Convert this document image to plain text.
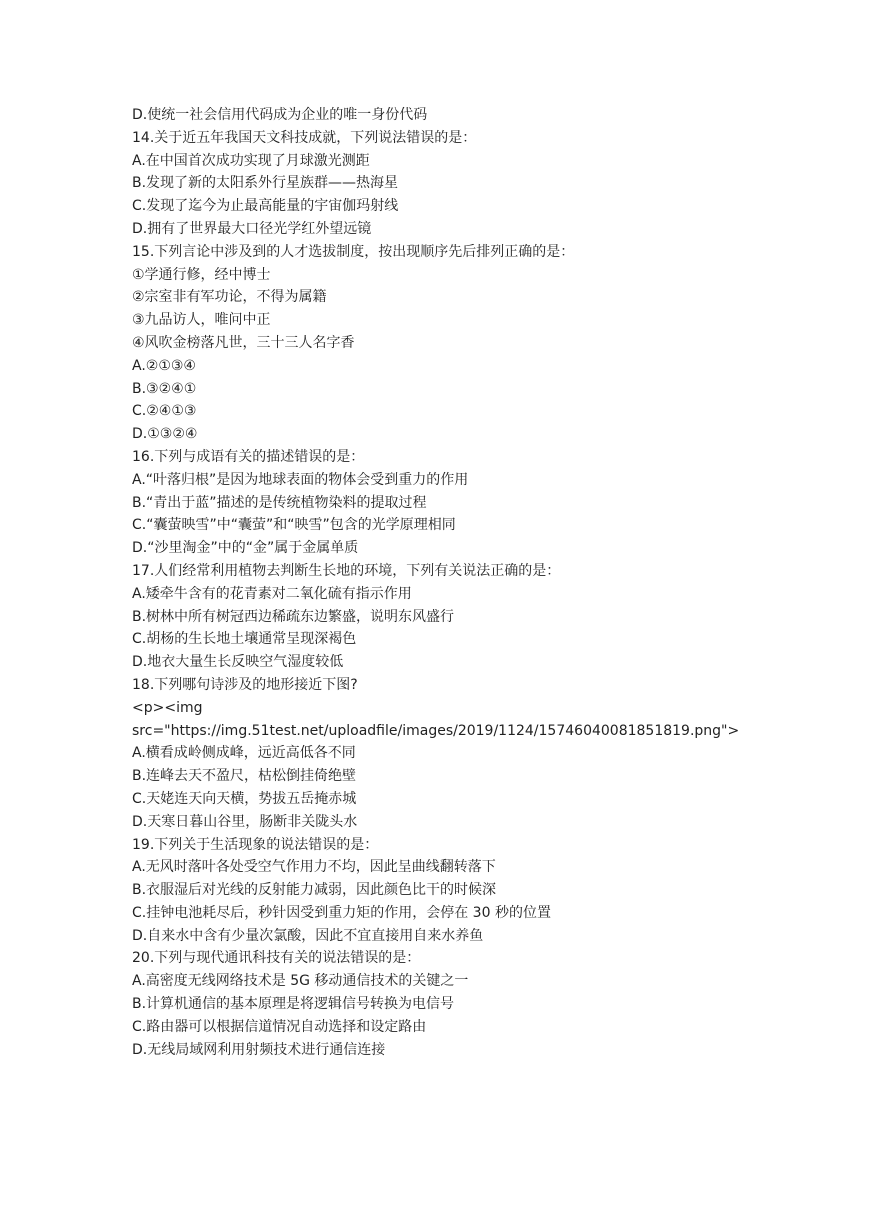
D.使统一社会信用代码成为企业的唯一身份代码

14.关于近五年我国天文科技成就，下列说法错误的是：

A.在中国首次成功实现了月球激光测距

B.发现了新的太阳系外行星族群——热海星

C.发现了迄今为止最高能量的宇宙伽玛射线

D.拥有了世界最大口径光学红外望远镜

15.下列言论中涉及到的人才选拔制度，按出现顺序先后排列正确的是：

①学通行修，经中博士

②宗室非有军功论，不得为属籍

③九品访人，唯问中正

④风吹金榜落凡世，三十三人名字香

A.②①③④

B.③②④①

C.②④①③

D.①③②④

16.下列与成语有关的描述错误的是：

A.“叶落归根”是因为地球表面的物体会受到重力的作用

B.“青出于蓝”描述的是传统植物染料的提取过程

C.“囊萤映雪”中“囊萤”和“映雪”包含的光学原理相同

D.“沙里淘金”中的“金”属于金属单质

17.人们经常利用植物去判断生长地的环境，下列有关说法正确的是：

A.矮牵牛含有的花青素对二氧化硫有指示作用

B.树林中所有树冠西边稀疏东边繁盛，说明东风盛行

C.胡杨的生长地土壤通常呈现深褐色

D.地衣大量生长反映空气湿度较低

18.下列哪句诗涉及的地形接近下图?

<p><img

src="https://img.51test.net/uploadfile/images/2019/1124/15746040081851819.png">

A.横看成岭侧成峰，远近高低各不同

B.连峰去天不盈尺，枯松倒挂倚绝壁

C.天姥连天向天横，势拔五岳掩赤城

D.天寒日暮山谷里，肠断非关陇头水

19.下列关于生活现象的说法错误的是：

A.无风时落叶各处受空气作用力不均，因此呈曲线翻转落下

B.衣服湿后对光线的反射能力减弱，因此颜色比干的时候深

C.挂钟电池耗尽后，秒针因受到重力矩的作用，会停在 30 秒的位置

D.自来水中含有少量次氯酸，因此不宜直接用自来水养鱼

20.下列与现代通讯科技有关的说法错误的是：

A.高密度无线网络技术是 5G 移动通信技术的关键之一

B.计算机通信的基本原理是将逻辑信号转换为电信号

C.路由器可以根据信道情况自动选择和设定路由

D.无线局域网利用射频技术进行通信连接
